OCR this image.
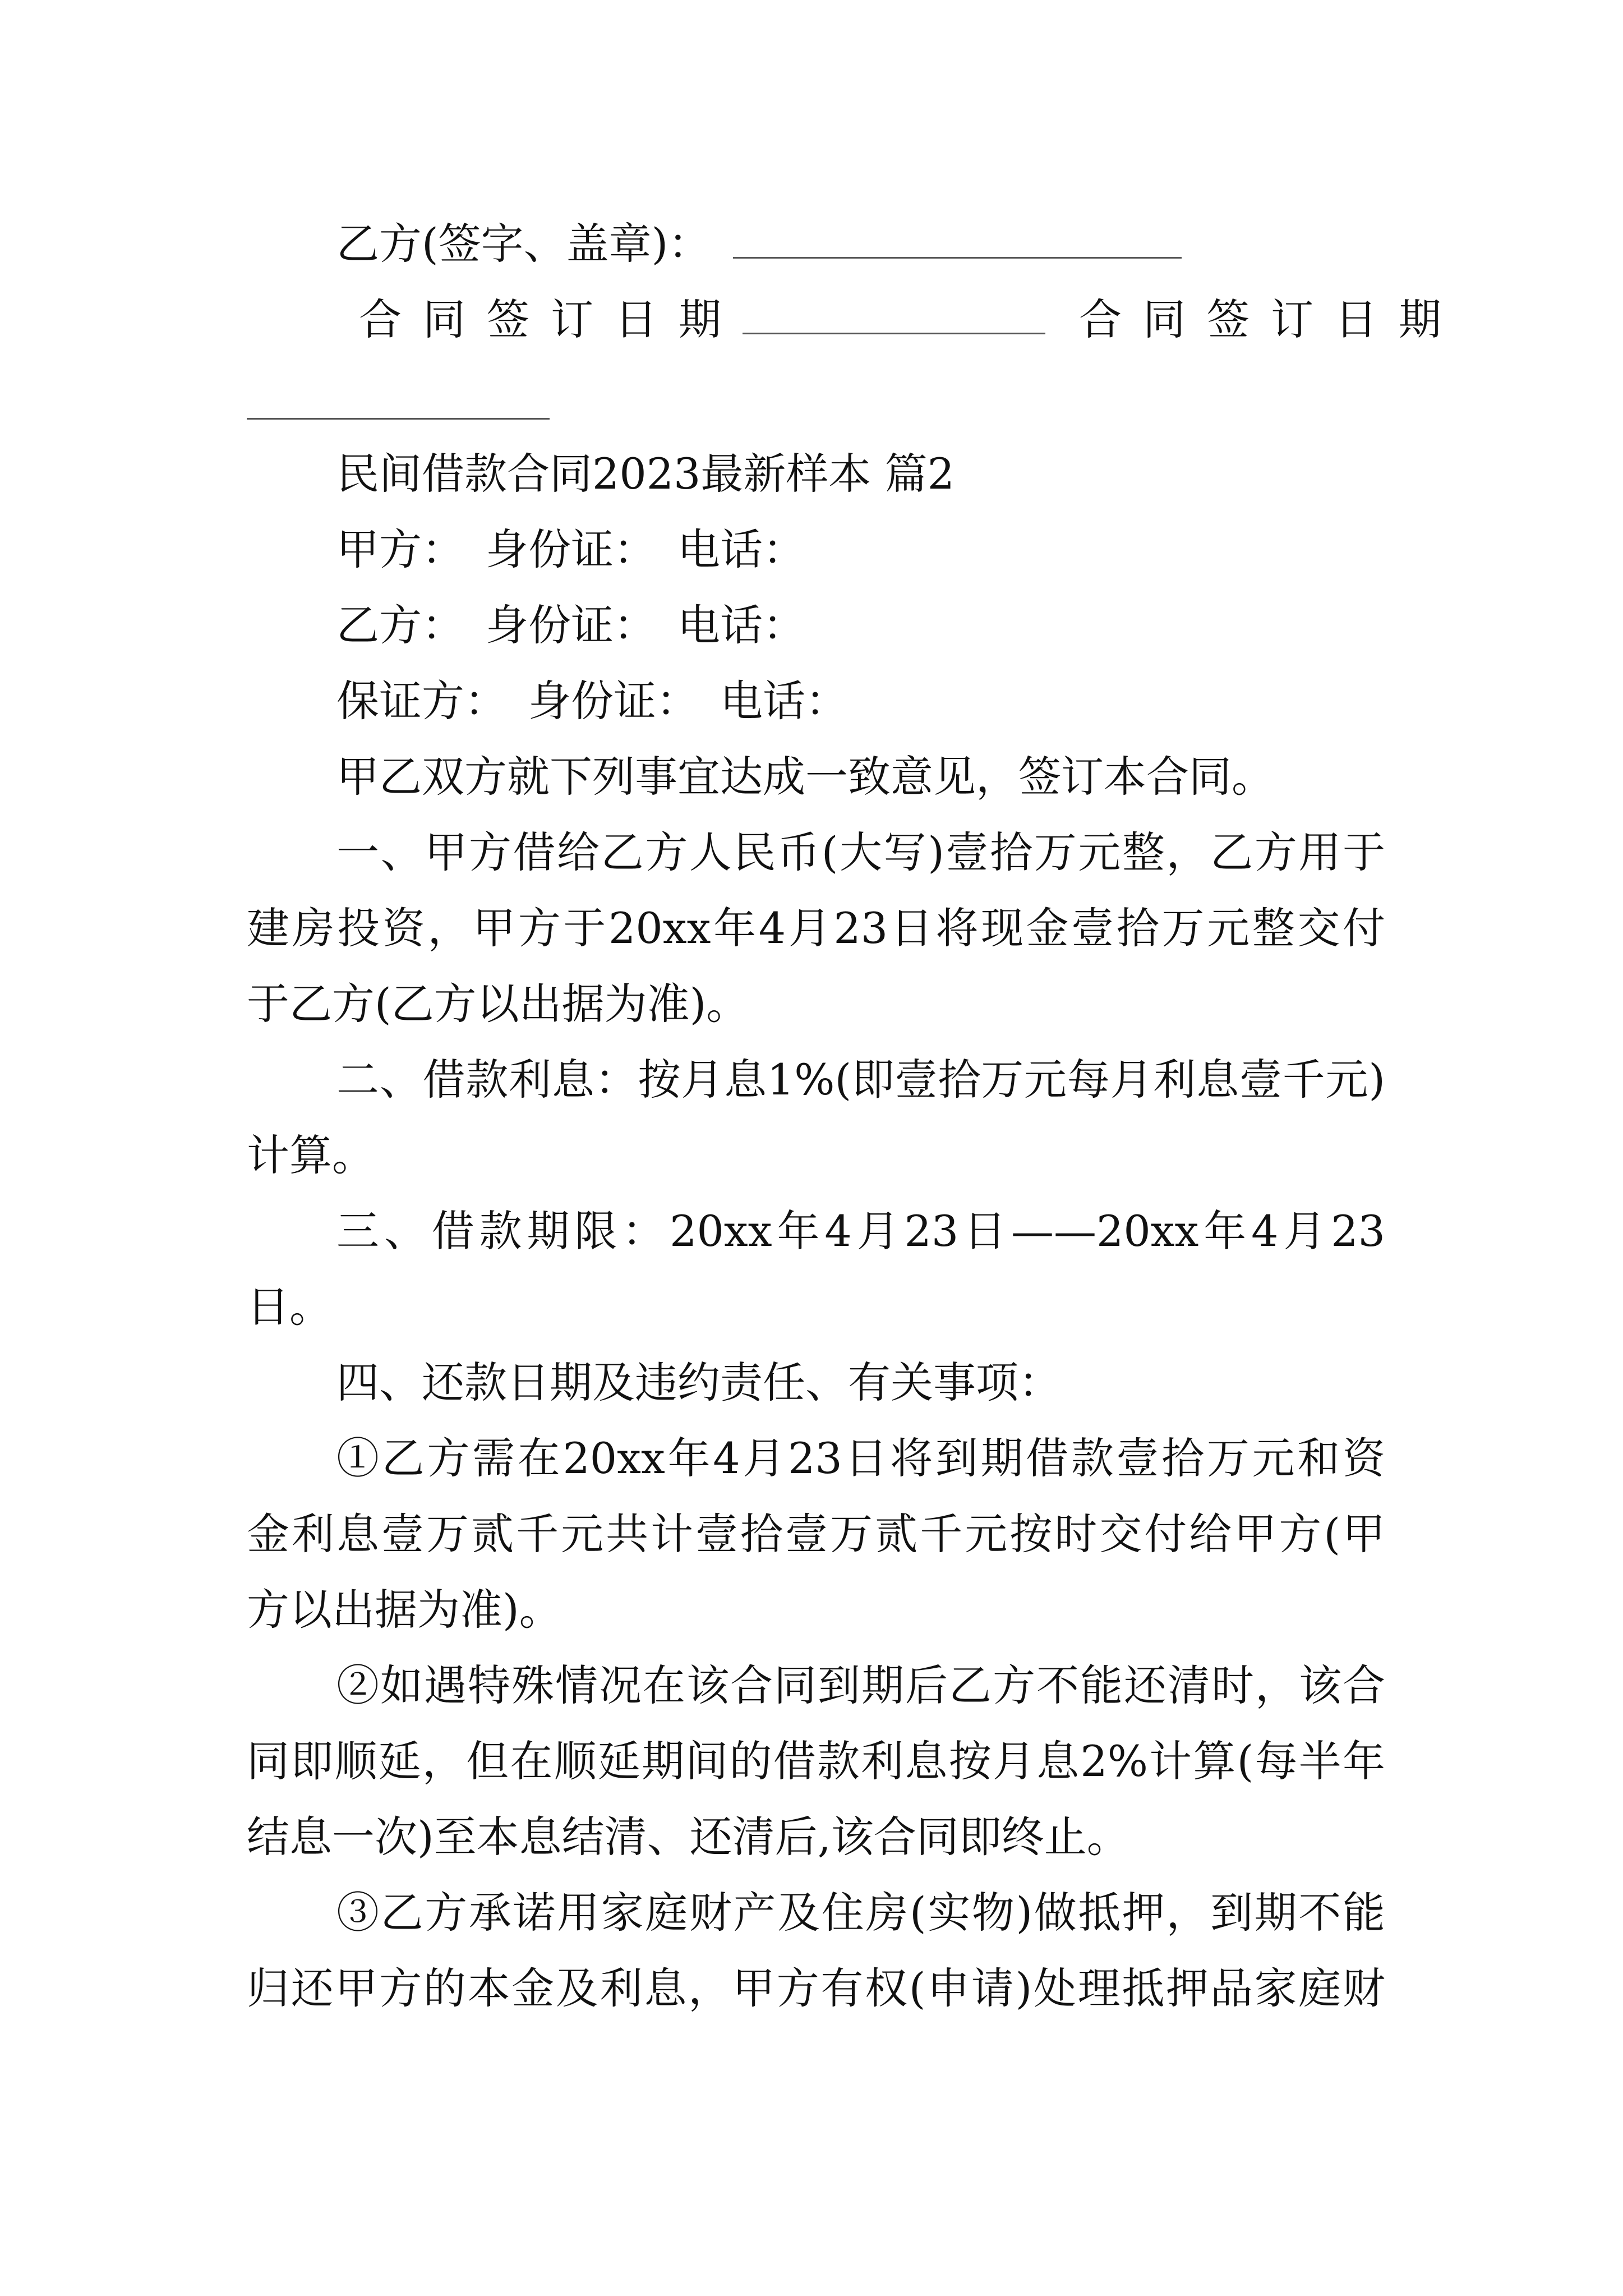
乙方(签字、盖章)：
合同签订日期	合同签订日期
民间借款合同2023最新样本 篇2
甲方：　身份证：　电话：
乙方：　身份证：　电话：
保证方：　身份证：　电话：
甲乙双方就下列事宜达成一致意见，签订本合同。
一、甲方借给乙方人民币(大写)壹拾万元整，乙方用于
建房投资，甲方于20xx年4月23日将现金壹拾万元整交付
于乙方(乙方以出据为准)。
二、借款利息：按月息1%(即壹拾万元每月利息壹千元)
计算。
三、借款期限：20xx年4月23日——20xx年4月23
日。
四、还款日期及违约责任、有关事项：
①乙方需在20xx年4月23日将到期借款壹拾万元和资
金利息壹万贰千元共计壹拾壹万贰千元按时交付给甲方(甲
方以出据为准)。
②如遇特殊情况在该合同到期后乙方不能还清时，该合
同即顺延，但在顺延期间的借款利息按月息2%计算(每半年
结息一次)至本息结清、还清后,该合同即终止。
③乙方承诺用家庭财产及住房(实物)做抵押，到期不能
归还甲方的本金及利息，甲方有权(申请)处理抵押品家庭财
